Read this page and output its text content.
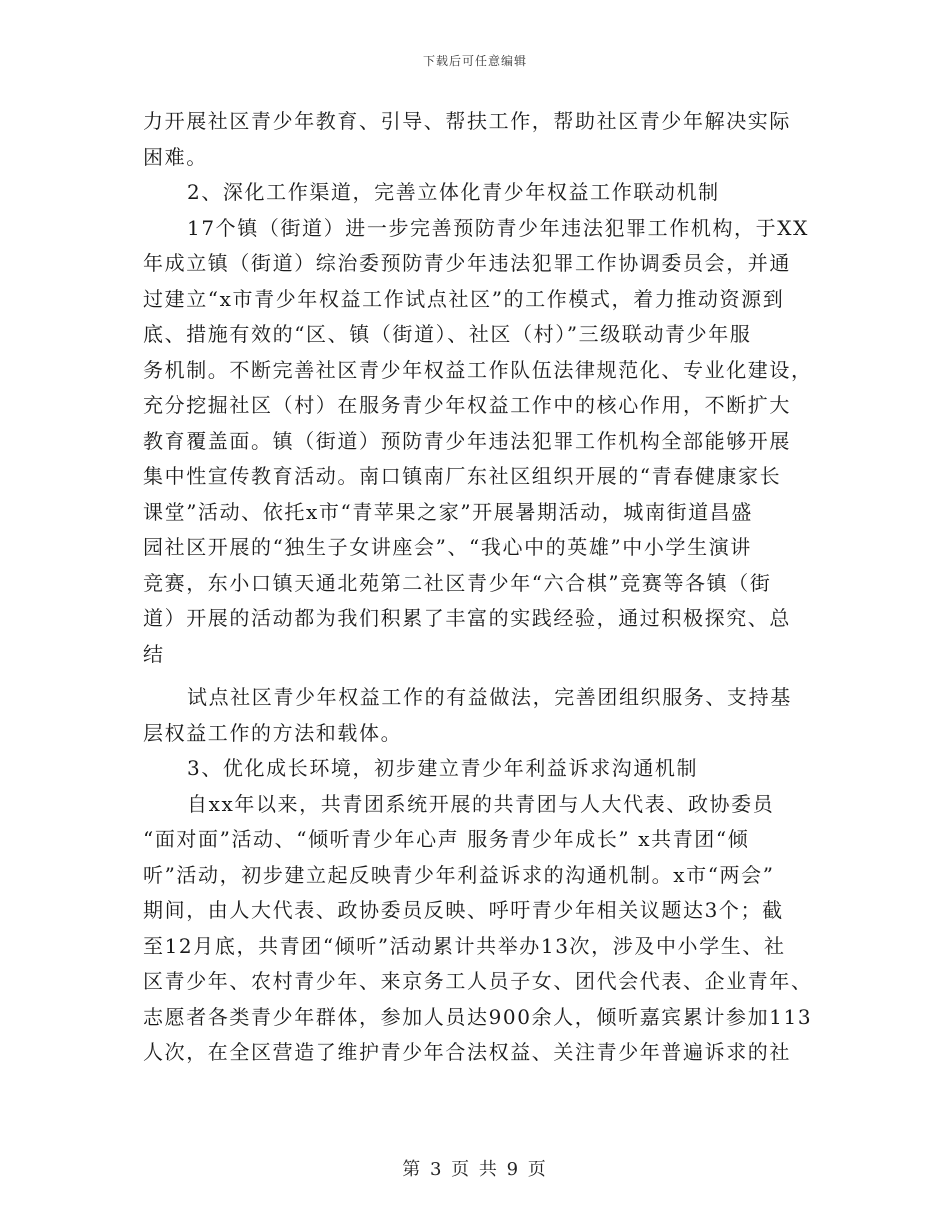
下载后可任意编辑
力开展社区青少年教育、引导、帮扶工作，帮助社区青少年解决实际
困难。
2、深化工作渠道，完善立体化青少年权益工作联动机制
17个镇（街道）进一步完善预防青少年违法犯罪工作机构，于XX
年成立镇（街道）综治委预防青少年违法犯罪工作协调委员会，并通
过建立“x市青少年权益工作试点社区”的工作模式，着力推动资源到
底、措施有效的“区、镇（街道）、社区（村）”三级联动青少年服
务机制。不断完善社区青少年权益工作队伍法律规范化、专业化建设，
充分挖掘社区（村）在服务青少年权益工作中的核心作用，不断扩大
教育覆盖面。镇（街道）预防青少年违法犯罪工作机构全部能够开展
集中性宣传教育活动。南口镇南厂东社区组织开展的“青春健康家长
课堂”活动、依托x市“青苹果之家”开展暑期活动，城南街道昌盛
园社区开展的“独生子女讲座会”、“我心中的英雄”中小学生演讲
竞赛，东小口镇天通北苑第二社区青少年“六合棋”竞赛等各镇（街
道）开展的活动都为我们积累了丰富的实践经验，通过积极探究、总
结
试点社区青少年权益工作的有益做法，完善团组织服务、支持基
层权益工作的方法和载体。
3、优化成长环境，初步建立青少年利益诉求沟通机制
自xx年以来，共青团系统开展的共青团与人大代表、政协委员
“面对面”活动、“倾听青少年心声 服务青少年成长” x共青团“倾
听”活动，初步建立起反映青少年利益诉求的沟通机制。x市“两会”
期间，由人大代表、政协委员反映、呼吁青少年相关议题达3个；截
至12月底，共青团“倾听”活动累计共举办13次，涉及中小学生、社
区青少年、农村青少年、来京务工人员子女、团代会代表、企业青年、
志愿者各类青少年群体，参加人员达900余人，倾听嘉宾累计参加113
人次，在全区营造了维护青少年合法权益、关注青少年普遍诉求的社
第 3 页 共 9 页
